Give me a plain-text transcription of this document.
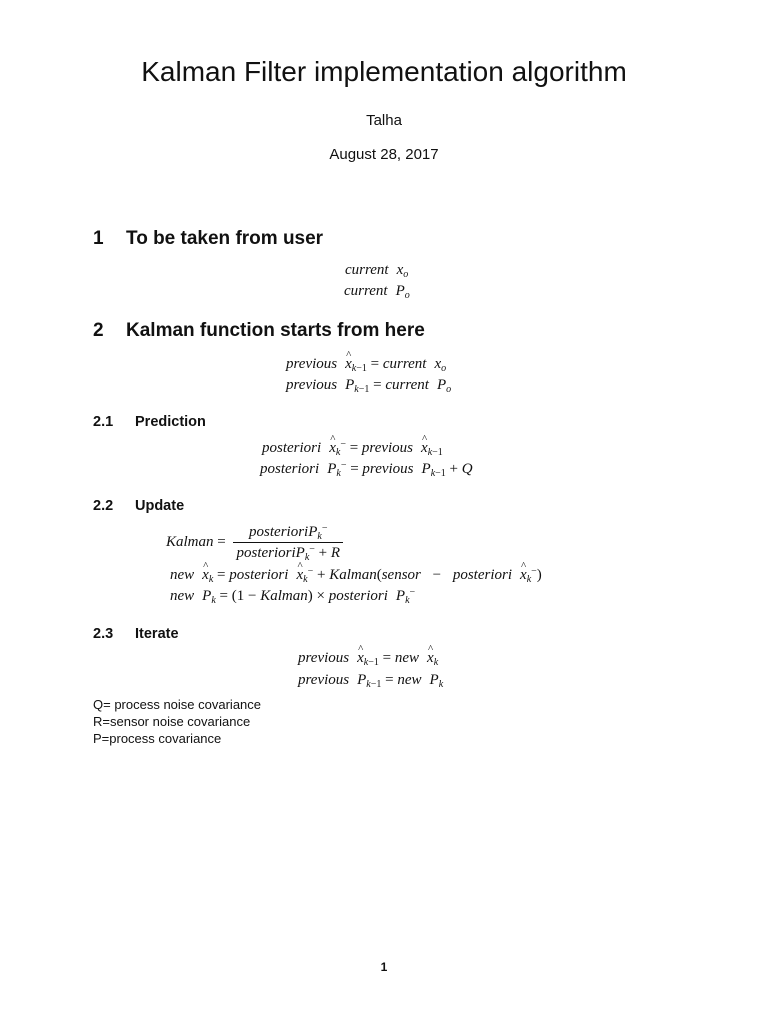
Kalman Filter implementation algorithm
Talha
August 28, 2017
1 To be taken from user
current $x_o$
current $P_o$
2 Kalman function starts from here
previous ^ $x_{k-1}$ = current $x_o$
previous $P_{k-1}$ = current $P_o$
2.1 Prediction
posteriori ^ $x_k^-$ = previous ^ $x_{k-1}$
posteriori $P_k^-$ = previous $P_{k-1} + Q$
2.2 Update
Kalman = $\frac{posterioriP_k^-}{posterioriP_k^- + R}$
new ^ $x_k$ = posteriori ^ $x_k^-$ + Kalman(sensor − posteriori ^ $x_k^-$)
new $P_k = (1$ − Kalman) × posteriori $P_k^-$
2.3 Iterate
previous ^ $x_{k-1}$ = new ^ $x_k$
previous $P_{k-1}$ = new $P_k$
Q= process noise covariance
R=sensor noise covariance
P=process covariance
1
